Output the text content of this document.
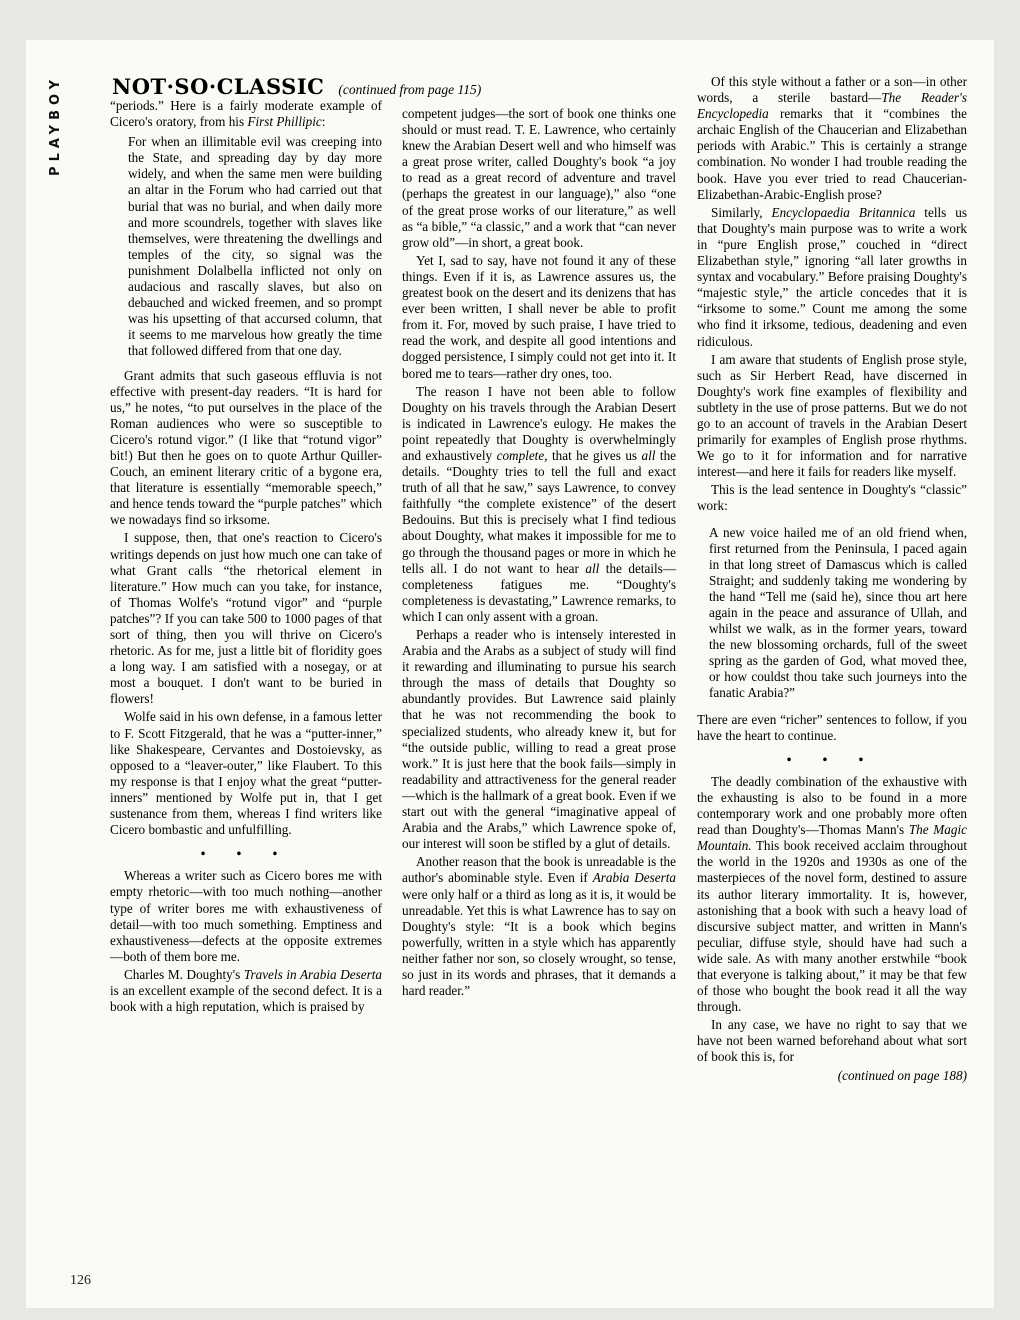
PLAYBOY	NOT·SO·CLASSIC (continued from page 115)

“periods.” Here is a fairly moderate example of Cicero's oratory, from his First Phillipic:

For when an illimitable evil was creeping into the State, and spreading day by day more widely, and when the same men were building an altar in the Forum who had carried out that burial that was no burial, and when daily more and more scoundrels, together with slaves like themselves, were threatening the dwellings and temples of the city, so signal was the punishment Dolalbella inflicted not only on audacious and rascally slaves, but also on debauched and wicked freemen, and so prompt was his upsetting of that accursed column, that it seems to me marvelous how greatly the time that followed differed from that one day.

Grant admits that such gaseous effluvia is not effective with present-day readers. “It is hard for us,” he notes, “to put ourselves in the place of the Roman audiences who were so susceptible to Cicero's rotund vigor.” (I like that “rotund vigor” bit!) But then he goes on to quote Arthur Quiller-Couch, an eminent literary critic of a bygone era, that literature is essentially “memorable speech,” and hence tends toward the “purple patches” which we nowadays find so irksome.

I suppose, then, that one's reaction to Cicero's writings depends on just how much one can take of what Grant calls “the rhetorical element in literature.” How much can you take, for instance, of Thomas Wolfe's “rotund vigor” and “purple patches”? If you can take 500 to 1000 pages of that sort of thing, then you will thrive on Cicero's rhetoric. As for me, just a little bit of floridity goes a long way. I am satisfied with a nosegay, or at most a bouquet. I don't want to be buried in flowers!

Wolfe said in his own defense, in a famous letter to F. Scott Fitzgerald, that he was a “putter-inner,” like Shakespeare, Cervantes and Dostoievsky, as opposed to a “leaver-outer,” like Flaubert. To this my response is that I enjoy what the great “putter-inners” mentioned by Wolfe put in, that I get sustenance from them, whereas I find writers like Cicero bombastic and unfulfilling.

• • •

Whereas a writer such as Cicero bores me with empty rhetoric—with too much nothing—another type of writer bores me with exhaustiveness of detail—with too much something. Emptiness and exhaustiveness—defects at the opposite extremes—both of them bore me.

Charles M. Doughty's Travels in Arabia Deserta is an excellent example of the second defect. It is a book with a high reputation, which is praised by

competent judges—the sort of book one thinks one should or must read. T. E. Lawrence, who certainly knew the Arabian Desert well and who himself was a great prose writer, called Doughty's book “a joy to read as a great record of adventure and travel (perhaps the greatest in our language),” also “one of the great prose works of our literature,” as well as “a bible,” “a classic,” and a work that “can never grow old”—in short, a great book.

Yet I, sad to say, have not found it any of these things. Even if it is, as Lawrence assures us, the greatest book on the desert and its denizens that has ever been written, I shall never be able to profit from it. For, moved by such praise, I have tried to read the work, and despite all good intentions and dogged persistence, I simply could not get into it. It bored me to tears—rather dry ones, too.

The reason I have not been able to follow Doughty on his travels through the Arabian Desert is indicated in Lawrence's eulogy. He makes the point repeatedly that Doughty is overwhelmingly and exhaustively complete, that he gives us all the details. “Doughty tries to tell the full and exact truth of all that he saw,” says Lawrence, to convey faithfully “the complete existence” of the desert Bedouins. But this is precisely what I find tedious about Doughty, what makes it impossible for me to go through the thousand pages or more in which he tells all. I do not want to hear all the details—completeness fatigues me. “Doughty's completeness is devastating,” Lawrence remarks, to which I can only assent with a groan.

Perhaps a reader who is intensely interested in Arabia and the Arabs as a subject of study will find it rewarding and illuminating to pursue his search through the mass of details that Doughty so abundantly provides. But Lawrence said plainly that he was not recommending the book to specialized students, who already knew it, but for “the outside public, willing to read a great prose work.” It is just here that the book fails—simply in readability and attractiveness for the general reader—which is the hallmark of a great book. Even if we start out with the general “imaginative appeal of Arabia and the Arabs,” which Lawrence spoke of, our interest will soon be stifled by a glut of details.

Another reason that the book is unreadable is the author's abominable style. Even if Arabia Deserta were only half or a third as long as it is, it would be unreadable. Yet this is what Lawrence has to say on Doughty's style: “It is a book which begins powerfully, written in a style which has apparently neither father nor son, so closely wrought, so tense, so just in its words and phrases, that it demands a hard reader.”

Of this style without a father or a son—in other words, a sterile bastard—The Reader's Encyclopedia remarks that it “combines the archaic English of the Chaucerian and Elizabethan periods with Arabic.” This is certainly a strange combination. No wonder I had trouble reading the book. Have you ever tried to read Chaucerian-Elizabethan-Arabic-English prose?

Similarly, Encyclopaedia Britannica tells us that Doughty's main purpose was to write a work in “pure English prose,” couched in “direct Elizabethan style,” ignoring “all later growths in syntax and vocabulary.” Before praising Doughty's “majestic style,” the article concedes that it is “irksome to some.” Count me among the some who find it irksome, tedious, deadening and even ridiculous.

I am aware that students of English prose style, such as Sir Herbert Read, have discerned in Doughty's work fine examples of flexibility and subtlety in the use of prose patterns. But we do not go to an account of travels in the Arabian Desert primarily for examples of English prose rhythms. We go to it for information and for narrative interest—and here it fails for readers like myself.

This is the lead sentence in Doughty's “classic” work:

A new voice hailed me of an old friend when, first returned from the Peninsula, I paced again in that long street of Damascus which is called Straight; and suddenly taking me wondering by the hand “Tell me (said he), since thou art here again in the peace and assurance of Ullah, and whilst we walk, as in the former years, toward the new blossoming orchards, full of the sweet spring as the garden of God, what moved thee, or how couldst thou take such journeys into the fanatic Arabia?”

There are even “richer” sentences to follow, if you have the heart to continue.

• • •

The deadly combination of the exhaustive with the exhausting is also to be found in a more contemporary work and one probably more often read than Doughty's—Thomas Mann's The Magic Mountain. This book received acclaim throughout the world in the 1920s and 1930s as one of the masterpieces of the novel form, destined to assure its author literary immortality. It is, however, astonishing that a book with such a heavy load of discursive subject matter, and written in Mann's peculiar, diffuse style, should have had such a wide sale. As with many another erstwhile “book that everyone is talking about,” it may be that few of those who bought the book read it all the way through.

In any case, we have no right to say that we have not been warned beforehand about what sort of book this is, for

(continued on page 188)
126
